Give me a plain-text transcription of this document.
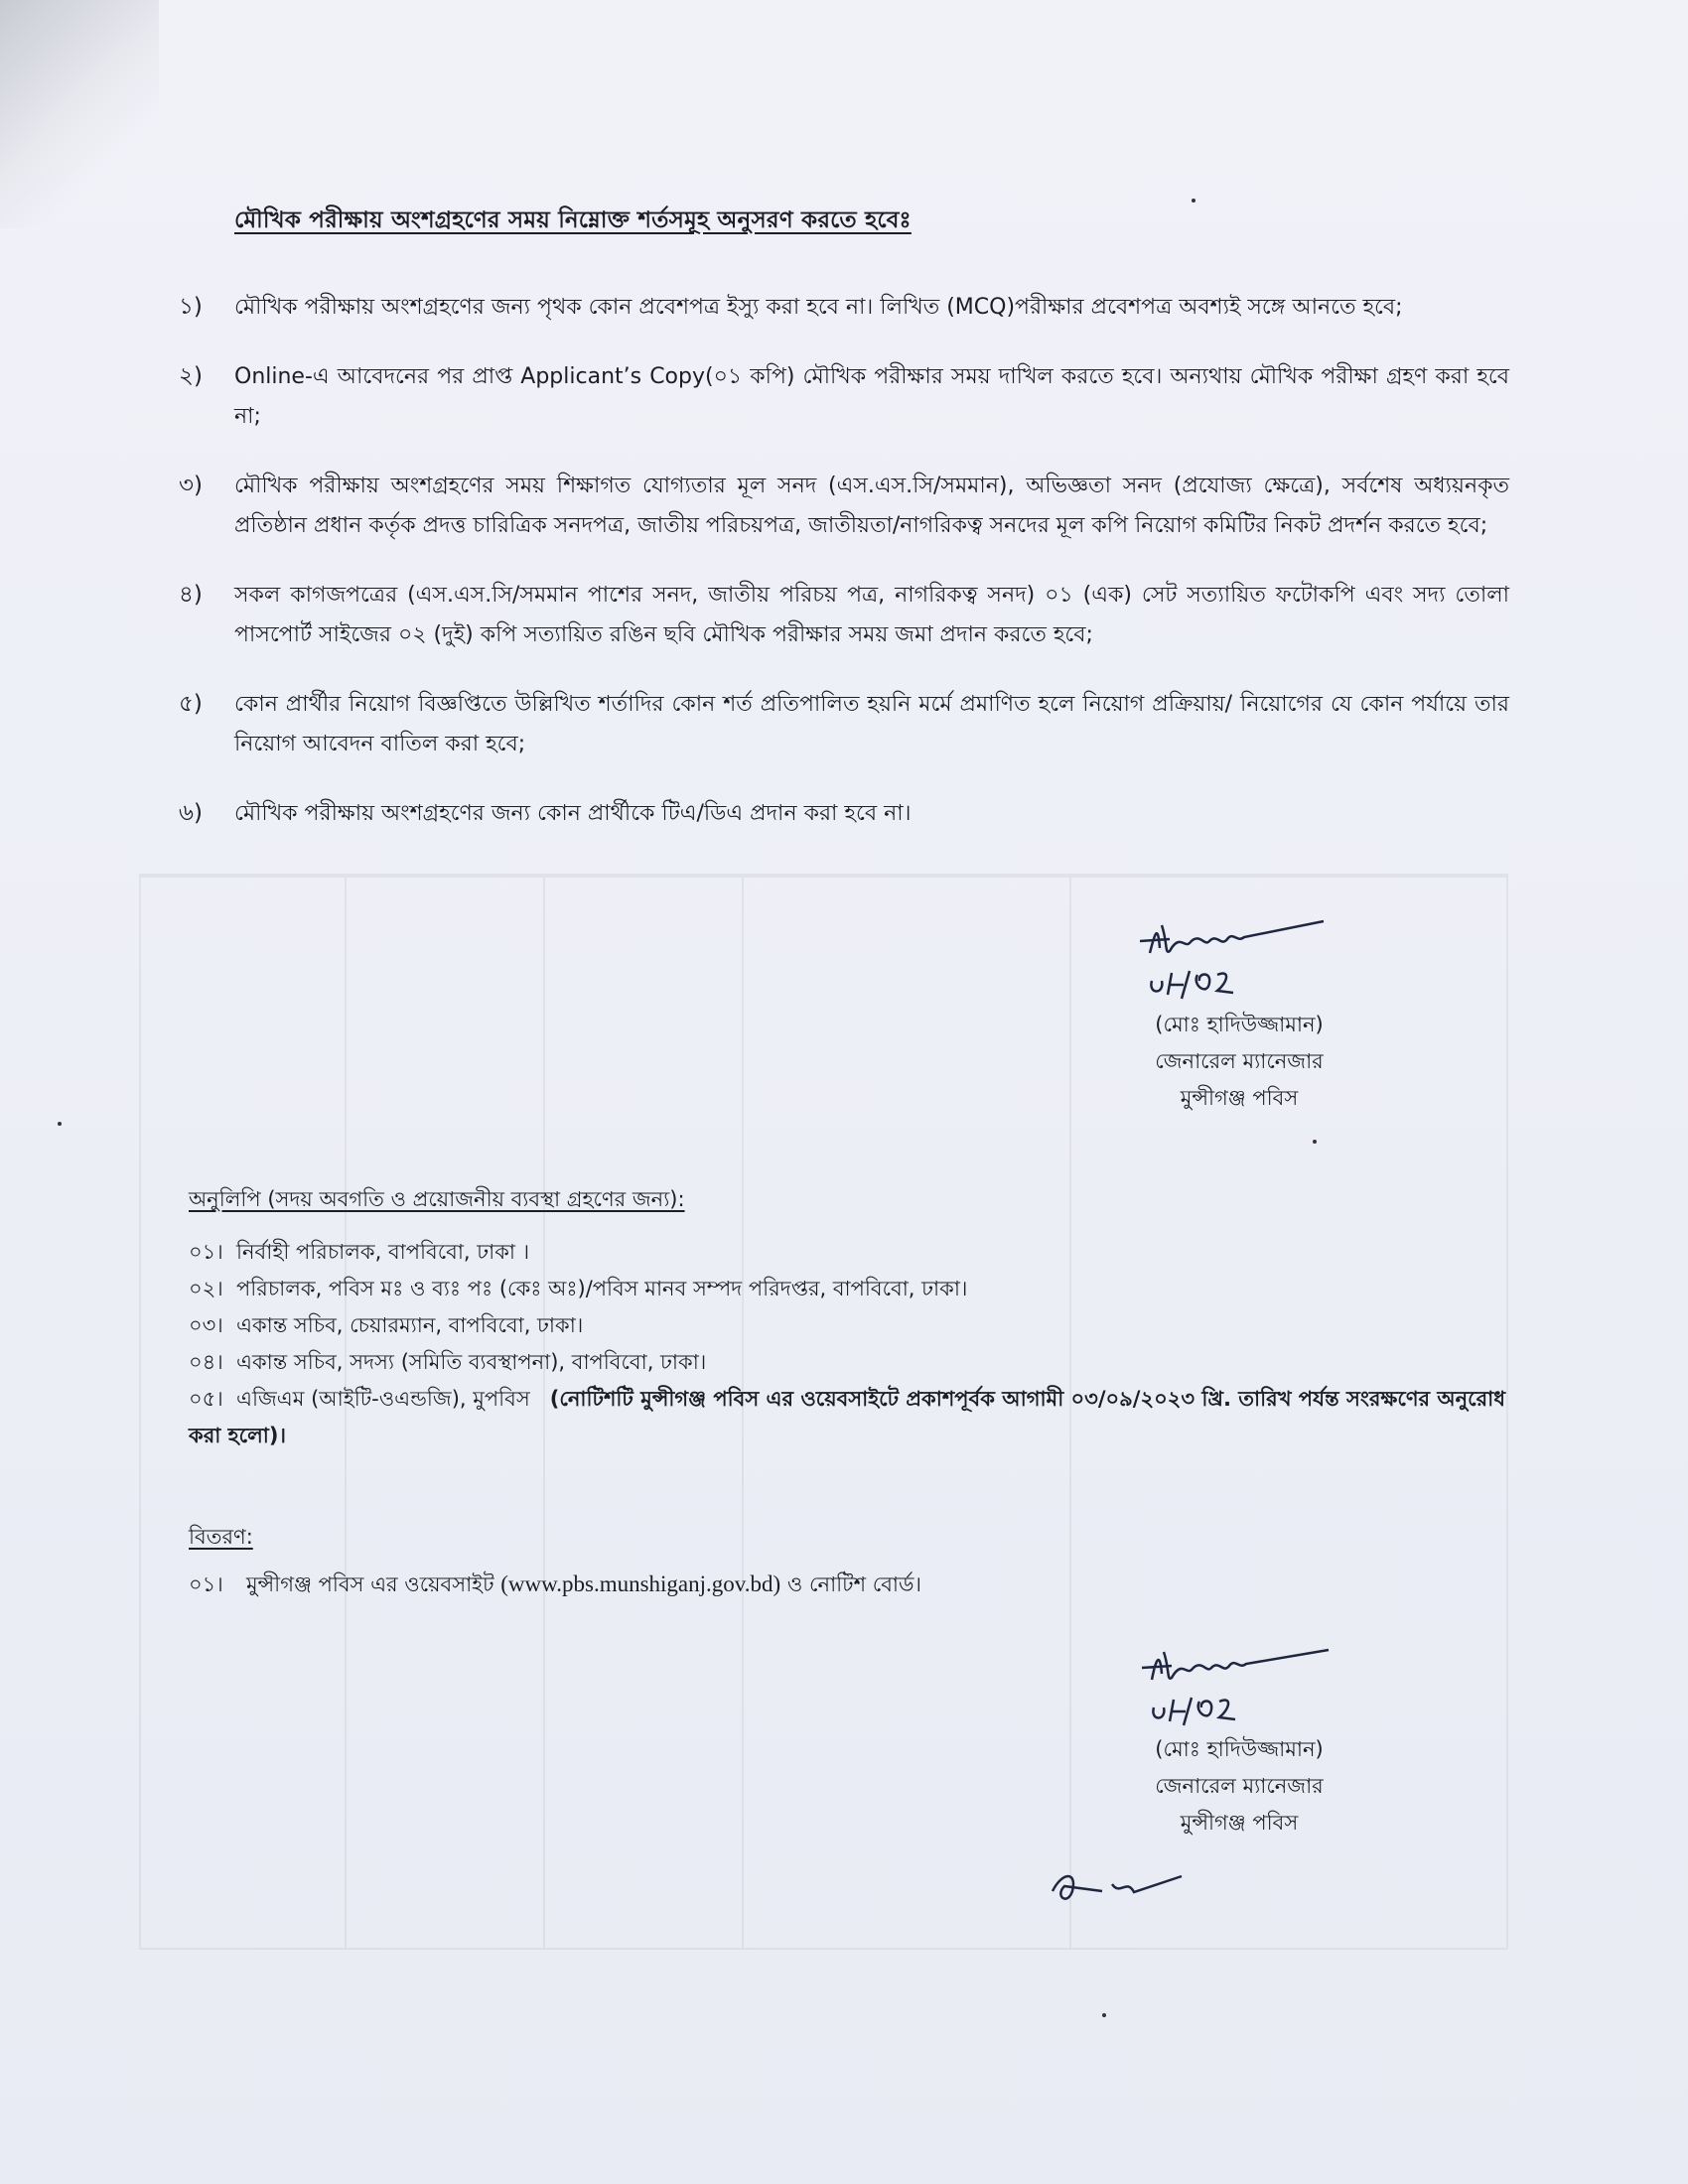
মৌখিক পরীক্ষায় অংশগ্রহণের সময় নিম্নোক্ত শর্তসমূহ অনুসরণ করতে হবেঃ
১) মৌখিক পরীক্ষায় অংশগ্রহণের জন্য পৃথক কোন প্রবেশপত্র ইস্যু করা হবে না। লিখিত (MCQ)পরীক্ষার প্রবেশপত্র অবশ্যই সঙ্গে আনতে হবে;
২) Online-এ আবেদনের পর প্রাপ্ত Applicant’s Copy(০১ কপি) মৌখিক পরীক্ষার সময় দাখিল করতে হবে। অন্যথায় মৌখিক পরীক্ষা গ্রহণ করা হবে না;
৩) মৌখিক পরীক্ষায় অংশগ্রহণের সময় শিক্ষাগত যোগ্যতার মূল সনদ (এস.এস.সি/সমমান), অভিজ্ঞতা সনদ (প্রযোজ্য ক্ষেত্রে), সর্বশেষ অধ্যয়নকৃত প্রতিষ্ঠান প্রধান কর্তৃক প্রদত্ত চারিত্রিক সনদপত্র, জাতীয় পরিচয়পত্র, জাতীয়তা/নাগরিকত্ব সনদের মূল কপি নিয়োগ কমিটির নিকট প্রদর্শন করতে হবে;
৪) সকল কাগজপত্রের (এস.এস.সি/সমমান পাশের সনদ, জাতীয় পরিচয় পত্র, নাগরিকত্ব সনদ) ০১ (এক) সেট সত্যায়িত ফটোকপি এবং সদ্য তোলা পাসপোর্ট সাইজের ০২ (দুই) কপি সত্যায়িত রঙিন ছবি মৌখিক পরীক্ষার সময় জমা প্রদান করতে হবে;
৫) কোন প্রার্থীর নিয়োগ বিজ্ঞপ্তিতে উল্লিখিত শর্তাদির কোন শর্ত প্রতিপালিত হয়নি মর্মে প্রমাণিত হলে নিয়োগ প্রক্রিয়ায়/ নিয়োগের যে কোন পর্যায়ে তার নিয়োগ আবেদন বাতিল করা হবে;
৬) মৌখিক পরীক্ষায় অংশগ্রহণের জন্য কোন প্রার্থীকে টিএ/ডিএ প্রদান করা হবে না।
(মোঃ হাদিউজ্জামান)
জেনারেল ম্যানেজার
মুন্সীগঞ্জ পবিস
অনুলিপি (সদয় অবগতি ও প্রয়োজনীয় ব্যবস্থা গ্রহণের জন্য):
০১। নির্বাহী পরিচালক, বাপবিবো, ঢাকা ।
০২। পরিচালক, পবিস মঃ ও ব্যঃ পঃ (কেঃ অঃ)/পবিস মানব সম্পদ পরিদপ্তর, বাপবিবো, ঢাকা।
০৩। একান্ত সচিব, চেয়ারম্যান, বাপবিবো, ঢাকা।
০৪। একান্ত সচিব, সদস্য (সমিতি ব্যবস্থাপনা), বাপবিবো, ঢাকা।
০৫। এজিএম (আইটি-ওএন্ডজি), মুপবিস (নোটিশটি মুন্সীগঞ্জ পবিস এর ওয়েবসাইটে প্রকাশপূর্বক আগামী ০৩/০৯/২০২৩ খ্রি. তারিখ পর্যন্ত সংরক্ষণের অনুরোধ করা হলো)।
বিতরণ:
০১। মুন্সীগঞ্জ পবিস এর ওয়েবসাইট (www.pbs.munshiganj.gov.bd) ও নোটিশ বোর্ড।
(মোঃ হাদিউজ্জামান)
জেনারেল ম্যানেজার
মুন্সীগঞ্জ পবিস
